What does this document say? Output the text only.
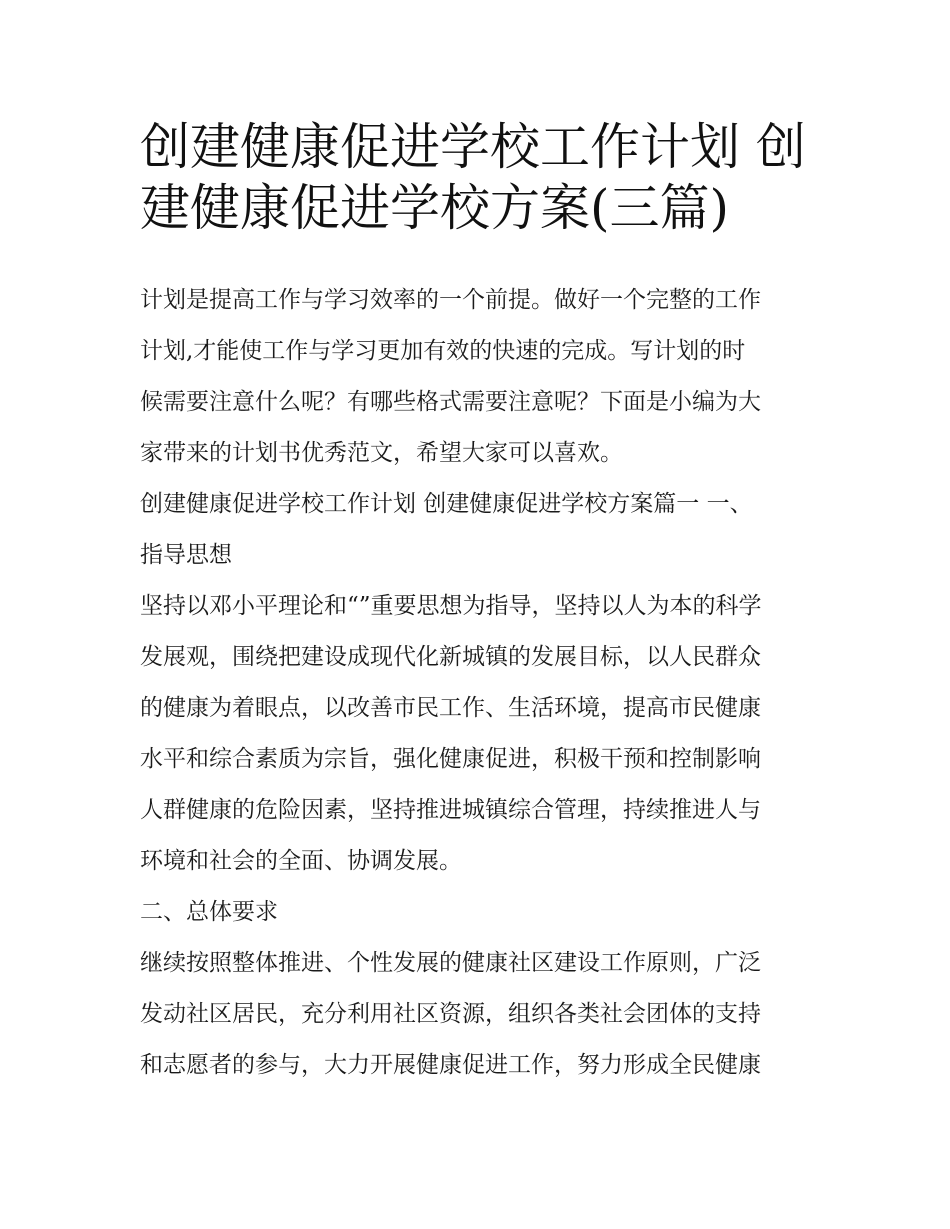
创建健康促进学校工作计划 创
建健康促进学校方案(三篇)

计划是提高工作与学习效率的一个前提。做好一个完整的工作

计划,才能使工作与学习更加有效的快速的完成。写计划的时

候需要注意什么呢？有哪些格式需要注意呢？下面是小编为大

家带来的计划书优秀范文，希望大家可以喜欢。

创建健康促进学校工作计划 创建健康促进学校方案篇一 一、

指导思想

坚持以邓小平理论和“”重要思想为指导，坚持以人为本的科学

发展观，围绕把建设成现代化新城镇的发展目标，以人民群众

的健康为着眼点，以改善市民工作、生活环境，提高市民健康

水平和综合素质为宗旨，强化健康促进，积极干预和控制影响

人群健康的危险因素，坚持推进城镇综合管理，持续推进人与

环境和社会的全面、协调发展。

二、总体要求

继续按照整体推进、个性发展的健康社区建设工作原则，广泛

发动社区居民，充分利用社区资源，组织各类社会团体的支持

和志愿者的参与，大力开展健康促进工作，努力形成全民健康
